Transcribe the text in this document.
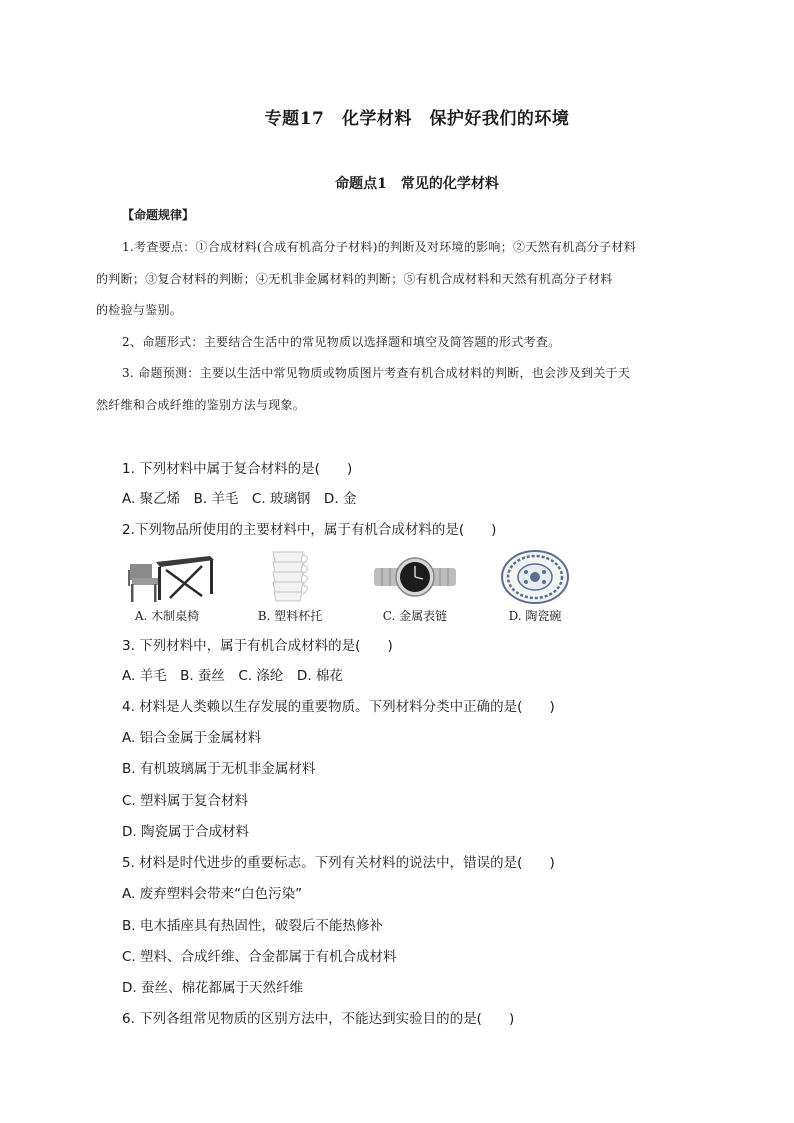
专题17　化学材料　保护好我们的环境
命题点1　常见的化学材料
【命题规律】
1.考查要点：①合成材料(合成有机高分子材料)的判断及对环境的影响；②天然有机高分子材料
的判断；③复合材料的判断；④无机非金属材料的判断；⑤有机合成材料和天然有机高分子材料
的检验与鉴别。
2、命题形式：主要结合生活中的常见物质以选择题和填空及简答题的形式考查。
3. 命题预测：主要以生活中常见物质或物质图片考查有机合成材料的判断，也会涉及到关于天
然纤维和合成纤维的鉴别方法与现象。
1. 下列材料中属于复合材料的是(　　)
A. 聚乙烯　B. 羊毛　C. 玻璃钢　D. 金
2.下列物品所使用的主要材料中，属于有机合成材料的是(　　)
A. 木制桌椅	B. 塑料杯托	C. 金属表链	D. 陶瓷碗
3. 下列材料中，属于有机合成材料的是(　　)
A. 羊毛　B. 蚕丝　C. 涤纶　D. 棉花
4. 材料是人类赖以生存发展的重要物质。下列材料分类中正确的是(　　)
A. 铝合金属于金属材料
B. 有机玻璃属于无机非金属材料
C. 塑料属于复合材料
D. 陶瓷属于合成材料
5. 材料是时代进步的重要标志。下列有关材料的说法中，错误的是(　　)
A. 废弃塑料会带来“白色污染”
B. 电木插座具有热固性，破裂后不能热修补
C. 塑料、合成纤维、合金都属于有机合成材料
D. 蚕丝、棉花都属于天然纤维
6. 下列各组常见物质的区别方法中，不能达到实验目的的是(　　)
